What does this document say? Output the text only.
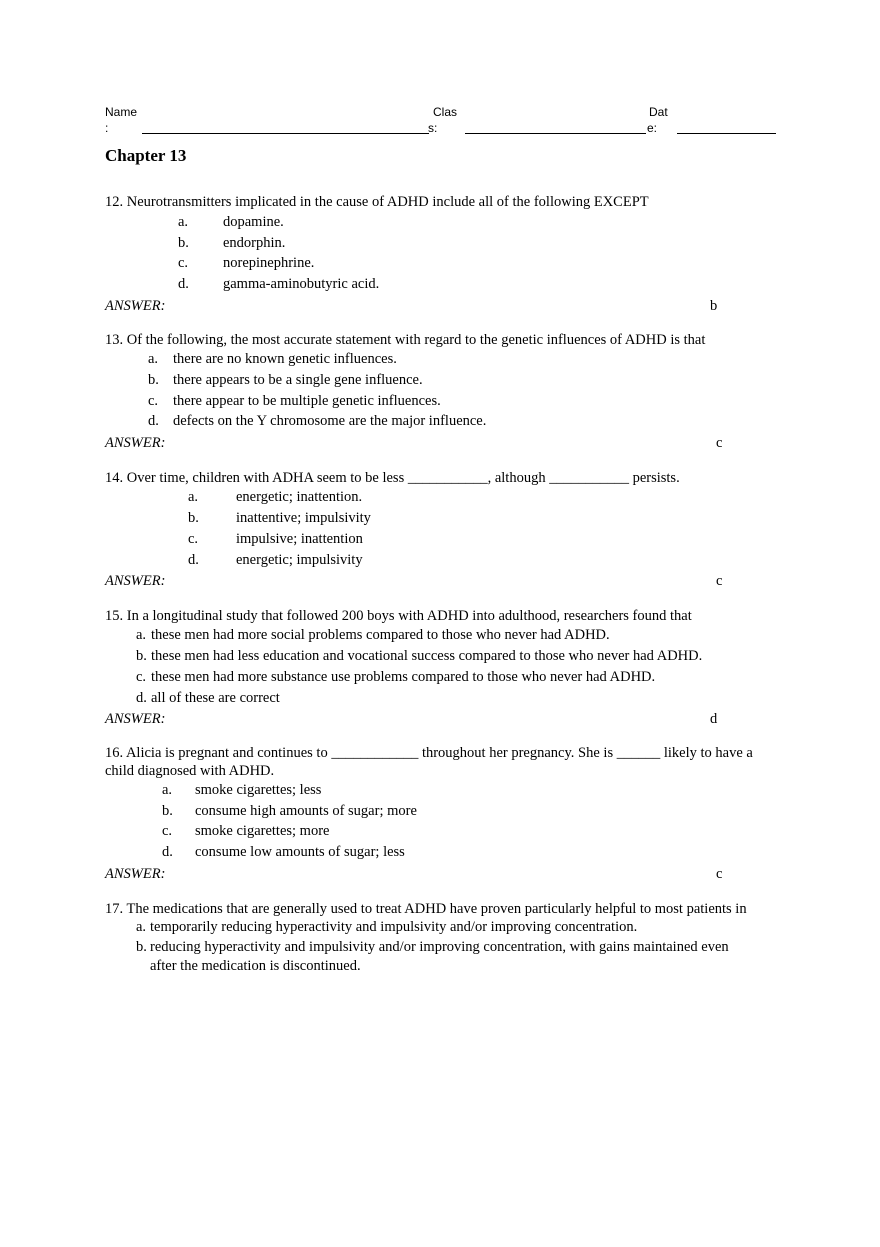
Name
:
Clas
s:
Dat
e:
Chapter 13
12. Neurotransmitters implicated in the cause of ADHD include all of the following EXCEPT
a. dopamine.
b. endorphin.
c. norepinephrine.
d. gamma-aminobutyric acid.
ANSWER:	b
13. Of the following, the most accurate statement with regard to the genetic influences of ADHD is that
a. there are no known genetic influences.
b. there appears to be a single gene influence.
c. there appear to be multiple genetic influences.
d. defects on the Y chromosome are the major influence.
ANSWER:	c
14. Over time, children with ADHA seem to be less ___________, although ___________ persists.
a.	energetic; inattention.
b.	inattentive; impulsivity
c.	impulsive; inattention
d.	energetic; impulsivity
ANSWER:	c
15. In a longitudinal study that followed 200 boys with ADHD into adulthood, researchers found that
a. these men had more social problems compared to those who never had ADHD.
b. these men had less education and vocational success compared to those who never had ADHD.
c. these men had more substance use problems compared to those who never had ADHD.
d. all of these are correct
ANSWER:	d
16. Alicia is pregnant and continues to ____________ throughout her pregnancy. She is ______ likely to have a child diagnosed with ADHD.
a. smoke cigarettes; less
b. consume high amounts of sugar; more
c. smoke cigarettes; more
d. consume low amounts of sugar; less
ANSWER:	c
17. The medications that are generally used to treat ADHD have proven particularly helpful to most patients in
a. temporarily reducing hyperactivity and impulsivity and/or improving concentration.
b. reducing hyperactivity and impulsivity and/or improving concentration, with gains maintained even
after the medication is discontinued.
